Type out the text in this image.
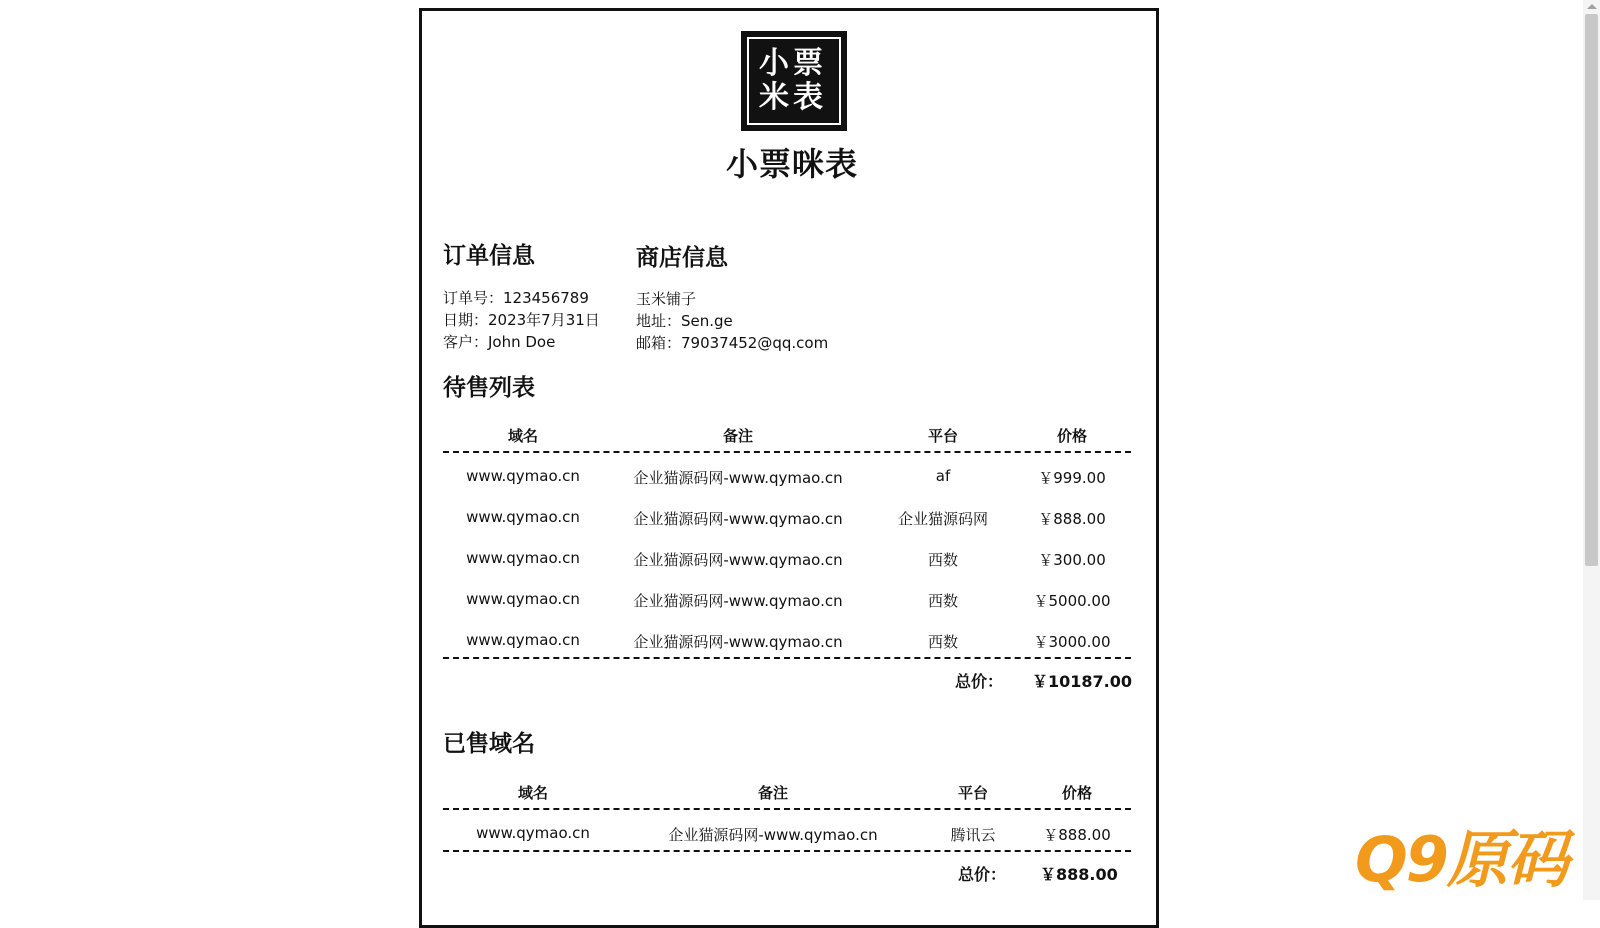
小 票
米 表
小票咪表
订单信息
订单号：123456789
日期：2023年7月31日
客户：John Doe
商店信息
玉米铺子
地址：Sen.ge
邮箱：79037452@qq.com
待售列表
域名	备注	平台	价格
www.qymao.cn	企业猫源码网-www.qymao.cn	af	￥999.00
www.qymao.cn	企业猫源码网-www.qymao.cn	企业猫源码网	￥888.00
www.qymao.cn	企业猫源码网-www.qymao.cn	西数	￥300.00
www.qymao.cn	企业猫源码网-www.qymao.cn	西数	￥5000.00
www.qymao.cn	企业猫源码网-www.qymao.cn	西数	￥3000.00
总价： ￥10187.00
已售域名
域名	备注	平台	价格
www.qymao.cn	企业猫源码网-www.qymao.cn	腾讯云	￥888.00
总价： ￥888.00	Q9原码
